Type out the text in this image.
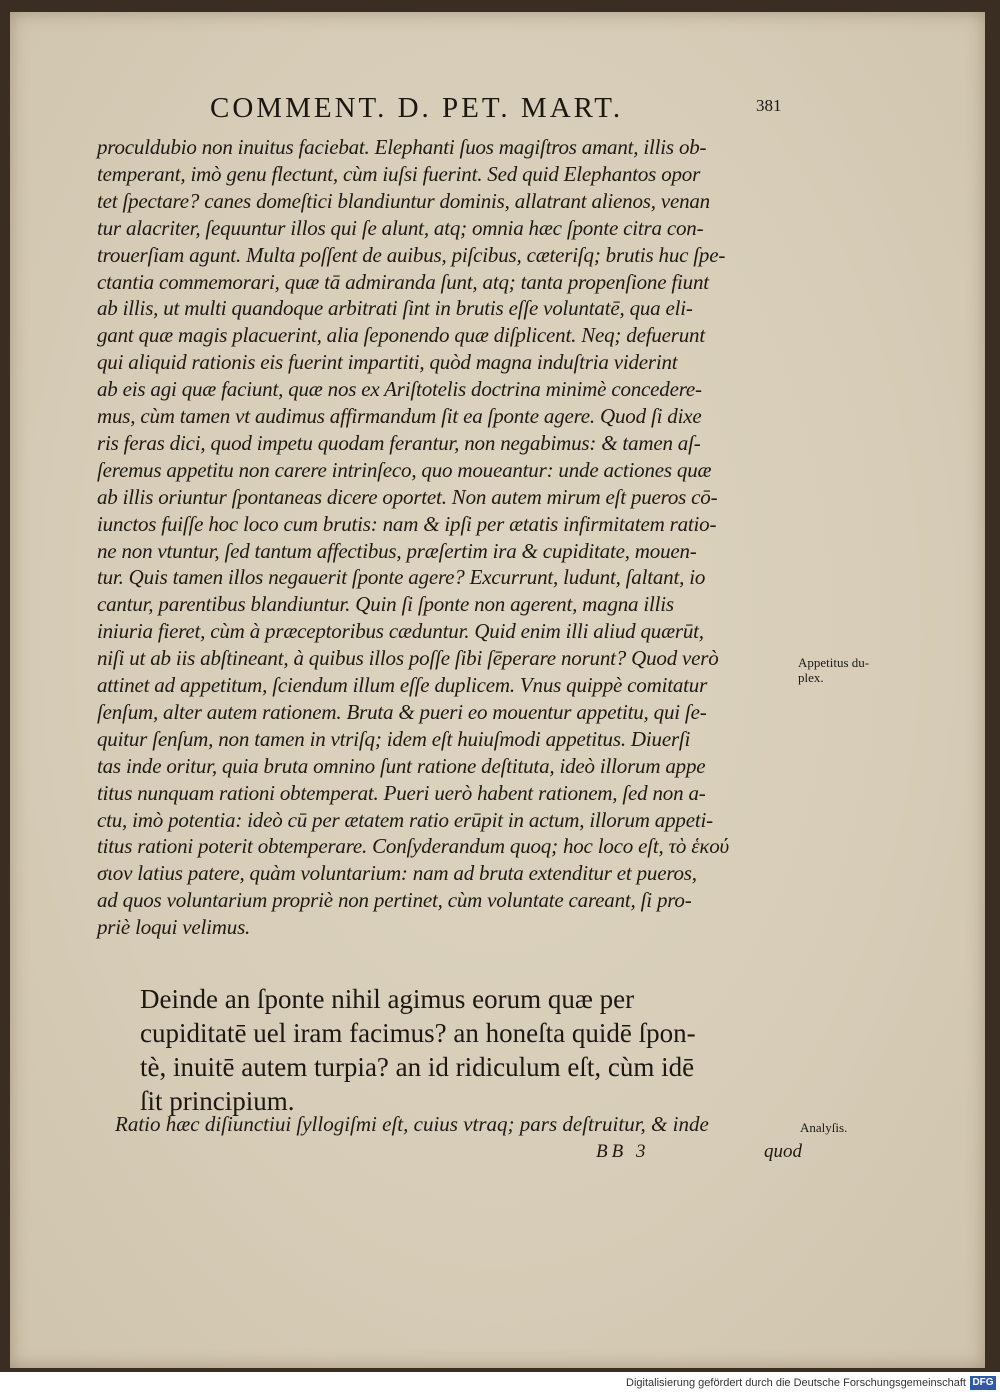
COMMENT. D. PET. MART.	381
proculdubio non inuitus faciebat. Elephanti ſuos magiſtros amant, illis ob-
temperant, imò genu flectunt, cùm iuſsi fuerint. Sed quid Elephantos opor
tet ſpectare? canes domeſtici blandiuntur dominis, allatrant alienos, venan
tur alacriter, ſequuntur illos qui ſe alunt, atq; omnia hæc ſponte citra con-
trouerſiam agunt. Multa poſſent de auibus, piſcibus, cæteriſq; brutis huc ſpe-
ctantia commemorari, quæ tā admiranda ſunt, atq; tanta propenſione fiunt
ab illis, ut multi quandoque arbitrati ſint in brutis eſſe voluntatē, qua eli-
gant quæ magis placuerint, alia ſeponendo quæ diſplicent. Neq; defuerunt
qui aliquid rationis eis fuerint impartiti, quòd magna induſtria viderint
ab eis agi quæ faciunt, quæ nos ex Ariſtotelis doctrina minimè concedere-
mus, cùm tamen vt audimus affirmandum ſit ea ſponte agere. Quod ſi dixe
ris feras dici, quod impetu quodam ferantur, non negabimus: & tamen aſ-
ſeremus appetitu non carere intrinſeco, quo moueantur: unde actiones quæ
ab illis oriuntur ſpontaneas dicere oportet. Non autem mirum eſt pueros cō-
iunctos fuiſſe hoc loco cum brutis: nam & ipſi per ætatis infirmitatem ratio-
ne non vtuntur, ſed tantum affectibus, præſertim ira & cupiditate, mouen-
tur. Quis tamen illos negauerit ſponte agere? Excurrunt, ludunt, ſaltant, io
cantur, parentibus blandiuntur. Quin ſi ſponte non agerent, magna illis
iniuria fieret, cùm à præceptoribus cæduntur. Quid enim illi aliud quærūt,
niſi ut ab iis abſtineant, à quibus illos poſſe ſibi ſēperare norunt? Quod verò
attinet ad appetitum, ſciendum illum eſſe duplicem. Vnus quippè comitatur
ſenſum, alter autem rationem. Bruta & pueri eo mouentur appetitu, qui ſe-
quitur ſenſum, non tamen in vtriſq; idem eſt huiuſmodi appetitus. Diuerſi
tas inde oritur, quia bruta omnino ſunt ratione deſtituta, ideò illorum appe
titus nunquam rationi obtemperat. Pueri uerò habent rationem, ſed non a-
ctu, imò potentia: ideò cū per ætatem ratio erūpit in actum, illorum appeti-
titus rationi poterit obtemperare. Conſyderandum quoq; hoc loco eſt, τὸ ἑκού
σιον latius patere, quàm voluntarium: nam ad bruta extenditur et pueros,
ad quos voluntarium propriè non pertinet, cùm voluntate careant, ſi pro-
priè loqui velimus.
Appetitus du-
plex.
Deinde an ſponte nihil agimus eorum quæ per
cupiditatē uel iram facimus? an honeſta quidē ſpon-
tè, inuitē autem turpia? an id ridiculum eſt, cùm idē
ſit principium.
Ratio hæc diſiunctiui ſyllogiſmi eſt, cuius vtraq; pars deſtruitur, & inde	Analyſis.
BB 3	quod
Digitalisierung gefördert durch die Deutsche Forschungsgemeinschaft DFG
